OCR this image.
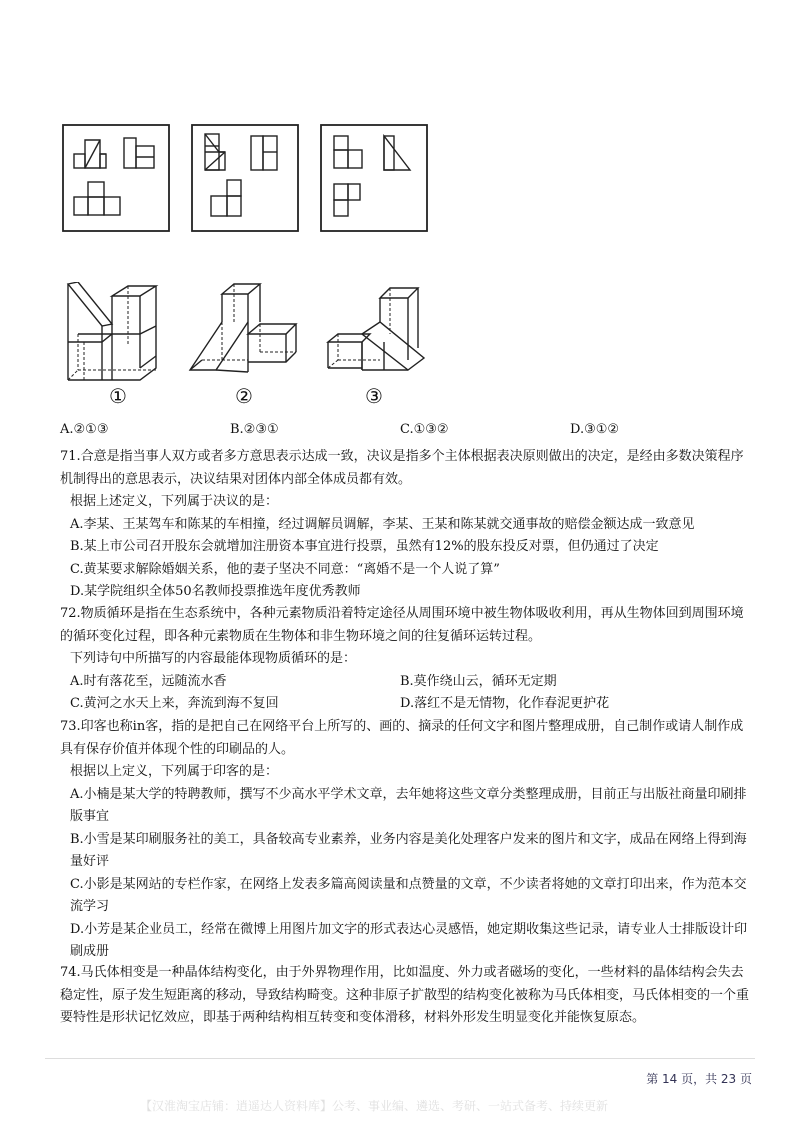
①	②	③
A.②①③	B.②③①	C.①③②	D.③①②
71.合意是指当事人双方或者多方意思表示达成一致，决议是指多个主体根据表决原则做出的决定，是经由多数决策程序机制得出的意思表示，决议结果对团体内部全体成员都有效。
根据上述定义，下列属于决议的是：
A.李某、王某驾车和陈某的车相撞，经过调解员调解，李某、王某和陈某就交通事故的赔偿金额达成一致意见
B.某上市公司召开股东会就增加注册资本事宜进行投票，虽然有12%的股东投反对票，但仍通过了决定
C.黄某要求解除婚姻关系，他的妻子坚决不同意：“离婚不是一个人说了算”
D.某学院组织全体50名教师投票推选年度优秀教师
72.物质循环是指在生态系统中，各种元素物质沿着特定途径从周围环境中被生物体吸收利用，再从生物体回到周围环境的循环变化过程，即各种元素物质在生物体和非生物环境之间的往复循环运转过程。
下列诗句中所描写的内容最能体现物质循环的是：
A.时有落花至，远随流水香	B.莫作绕山云，循环无定期
C.黄河之水天上来，奔流到海不复回	D.落红不是无情物，化作春泥更护花
73.印客也称in客，指的是把自己在网络平台上所写的、画的、摘录的任何文字和图片整理成册，自己制作或请人制作成具有保存价值并体现个性的印刷品的人。
根据以上定义，下列属于印客的是：
A.小楠是某大学的特聘教师，撰写不少高水平学术文章，去年她将这些文章分类整理成册，目前正与出版社商量印刷排版事宜
B.小雪是某印刷服务社的美工，具备较高专业素养，业务内容是美化处理客户发来的图片和文字，成品在网络上得到海量好评
C.小影是某网站的专栏作家，在网络上发表多篇高阅读量和点赞量的文章，不少读者将她的文章打印出来，作为范本交流学习
D.小芳是某企业员工，经常在微博上用图片加文字的形式表达心灵感悟，她定期收集这些记录，请专业人士排版设计印刷成册
74.马氏体相变是一种晶体结构变化，由于外界物理作用，比如温度、外力或者磁场的变化，一些材料的晶体结构会失去稳定性，原子发生短距离的移动，导致结构畸变。这种非原子扩散型的结构变化被称为马氏体相变，马氏体相变的一个重要特性是形状记忆效应，即基于两种结构相互转变和变体滑移，材料外形发生明显变化并能恢复原态。
第 14 页，共 23 页
【汉淮淘宝店铺：逍遥达人资料库】公考、事业编、遴选、考研、一站式备考、持续更新
